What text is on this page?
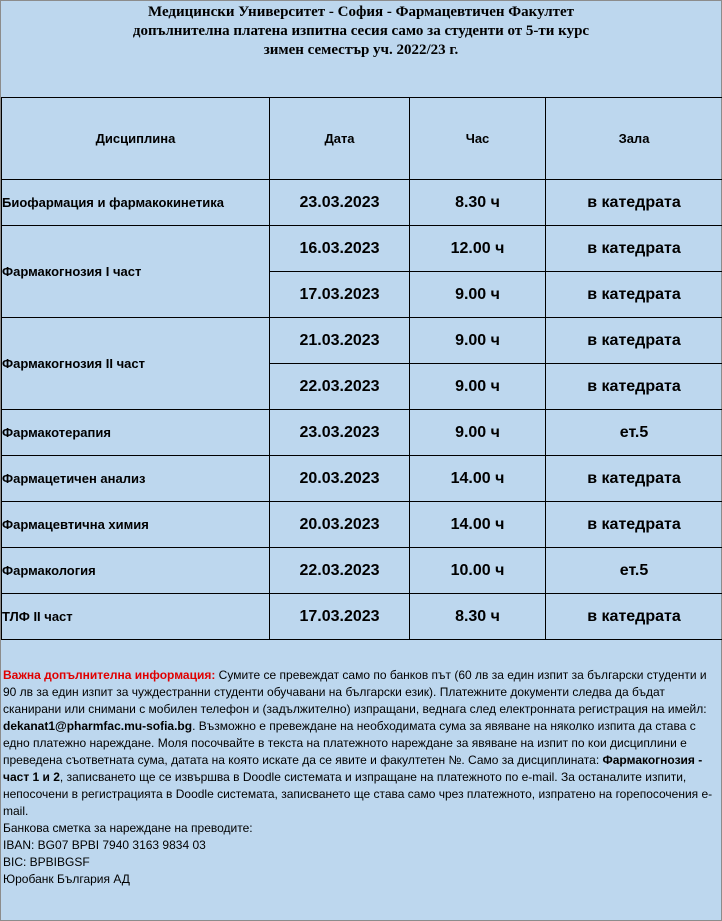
Медицински Университет - София - Фармацевтичен Факултет
допълнителна платена изпитна сесия само за студенти от 5-ти курс
зимен семестър уч. 2022/23 г.
Дисциплина	Дата	Час	Зала
Биофармация и фармакокинетика	23.03.2023	8.30 ч	в катедрата
Фармакогнозия I част	16.03.2023	12.00 ч	в катедрата
	17.03.2023	9.00 ч	в катедрата
Фармакогнозия II част	21.03.2023	9.00 ч	в катедрата
	22.03.2023	9.00 ч	в катедрата
Фармакотерапия	23.03.2023	9.00 ч	ет.5
Фармацетичен анализ	20.03.2023	14.00 ч	в катедрата
Фармацевтична химия	20.03.2023	14.00 ч	в катедрата
Фармакология	22.03.2023	10.00 ч	ет.5
ТЛФ II част	17.03.2023	8.30 ч	в катедрата
Важна допълнителна информация: Сумите се превеждат само по банков път (60 лв за един изпит за български студенти и 90 лв за един изпит за чуждестранни студенти обучавани на български език). Платежните документи следва да бъдат сканирани или снимани с мобилен телефон и (задължително) изпращани, веднага след електронната регистрация на имейл: dekanat1@pharmfac.mu-sofia.bg. Възможно е превеждане на необходимата сума за явяване на няколко изпита да става с едно платежно нареждане. Моля посочвайте в текста на платежното нареждане за явяване на изпит по кои дисциплини е преведена съответната сума, датата на която искате да се явите и факултетен №. Само за дисциплината: Фармакогнозия - част 1 и 2, записването ще се извършва в Doodle системата и изпращане на платежното по e-mail. За останалите изпити, непосочени в регистрацията в Doodle системата, записването ще става само чрез платежното, изпратено на горепосочения e-mail.
Банкова сметка за нареждане на преводите:
IBAN: BG07 BPBI 7940 3163 9834 03
BIC: BPBIBGSF
Юробанк България АД
